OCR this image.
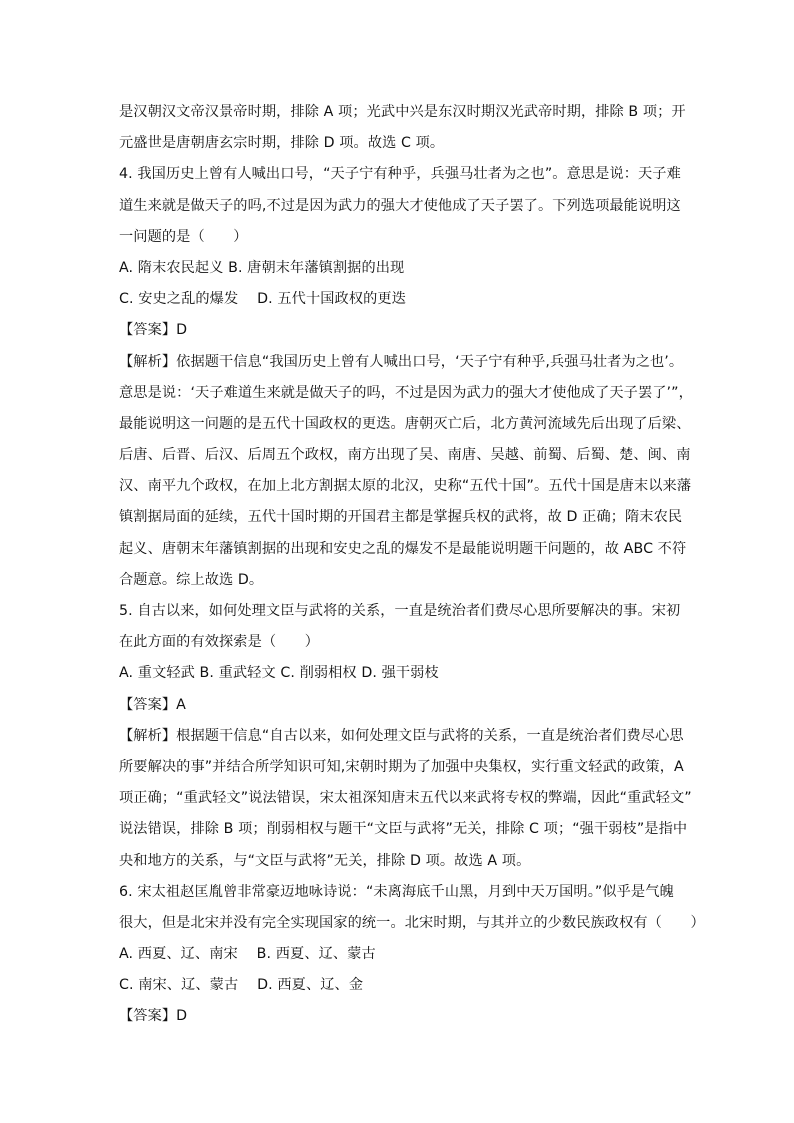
是汉朝汉文帝汉景帝时期，排除 A 项；光武中兴是东汉时期汉光武帝时期，排除 B 项；开
元盛世是唐朝唐玄宗时期，排除 D 项。故选 C 项。
4. 我国历史上曾有人喊出口号，“天子宁有种乎，兵强马壮者为之也”。意思是说：天子难
道生来就是做天子的吗,不过是因为武力的强大才使他成了天子罢了。下列选项最能说明这
一问题的是（　　）
A. 隋末农民起义 B. 唐朝末年藩镇割据的出现
C. 安史之乱的爆发　 D. 五代十国政权的更迭
【答案】D
【解析】依据题干信息“我国历史上曾有人喊出口号，‘天子宁有种乎,兵强马壮者为之也’。
意思是说：‘天子难道生来就是做天子的吗，不过是因为武力的强大才使他成了天子罢了’”，
最能说明这一问题的是五代十国政权的更迭。唐朝灭亡后，北方黄河流域先后出现了后梁、
后唐、后晋、后汉、后周五个政权，南方出现了吴、南唐、吴越、前蜀、后蜀、楚、闽、南
汉、南平九个政权，在加上北方割据太原的北汉，史称“五代十国”。五代十国是唐末以来藩
镇割据局面的延续，五代十国时期的开国君主都是掌握兵权的武将，故 D 正确；隋末农民
起义、唐朝末年藩镇割据的出现和安史之乱的爆发不是最能说明题干问题的，故 ABC 不符
合题意。综上故选 D。
5. 自古以来，如何处理文臣与武将的关系，一直是统治者们费尽心思所要解决的事。宋初
在此方面的有效探索是（　　）
A. 重文轻武 B. 重武轻文 C. 削弱相权 D. 强干弱枝
【答案】A
【解析】根据题干信息“自古以来，如何处理文臣与武将的关系，一直是统治者们费尽心思
所要解决的事”并结合所学知识可知,宋朝时期为了加强中央集权，实行重文轻武的政策，A
项正确；“重武轻文”说法错误，宋太祖深知唐末五代以来武将专权的弊端，因此“重武轻文”
说法错误，排除 B 项；削弱相权与题干“文臣与武将”无关，排除 C 项；“强干弱枝”是指中
央和地方的关系，与“文臣与武将”无关，排除 D 项。故选 A 项。
6. 宋太祖赵匡胤曾非常豪迈地咏诗说：“未离海底千山黑，月到中天万国明。”似乎是气魄
很大，但是北宋并没有完全实现国家的统一。北宋时期，与其并立的少数民族政权有（　　）
A. 西夏、辽、南宋　 B. 西夏、辽、蒙古
C. 南宋、辽、蒙古　 D. 西夏、辽、金
【答案】D
